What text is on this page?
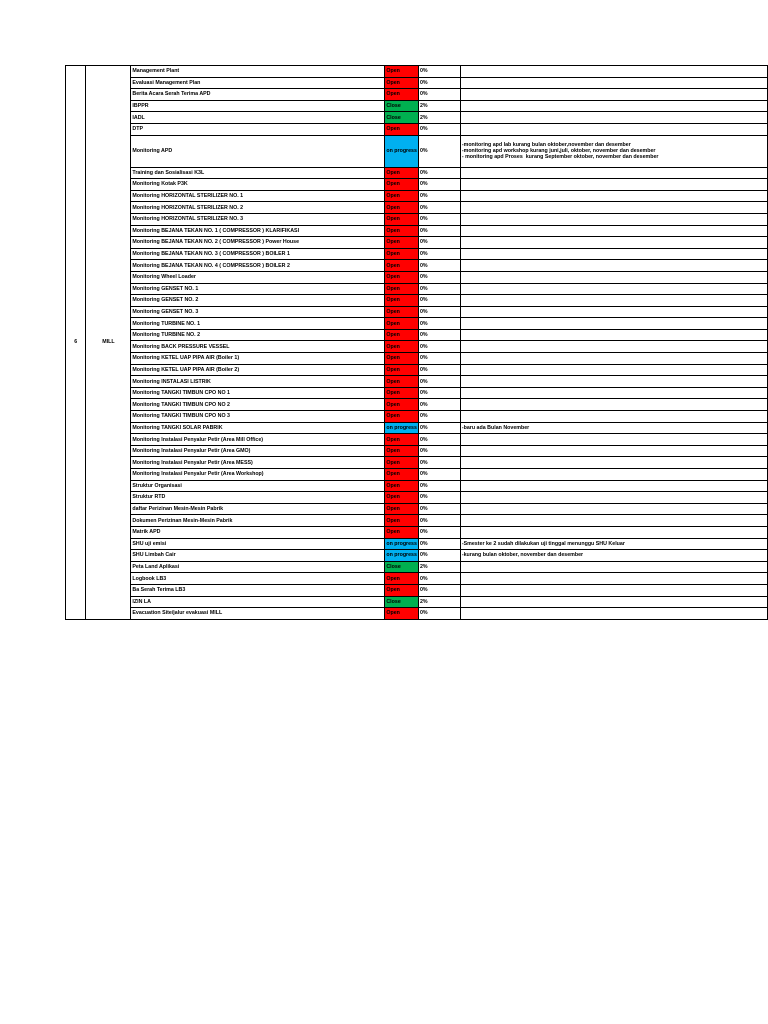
6	MILL	Management Plant	Open	0%	
		Evaluasi Management Plan	Open	0%	
		Berita Acara Serah Terima APD	Open	0%	
		IBPPR	Close	2%	
		IADL	Close	2%	
		DTP	Open	0%	
		Monitoring APD	on progress	0%	-monitoring apd lab kurang bulan oktober,november dan desember
-monitoring apd workshop kurang juni,juli, oktober, november dan desember
- monitoring apd Proses  kurang September oktober, november dan desember
		Training dan Sosialisasi K3L	Open	0%	
		Monitoring Kotak P3K	Open	0%	
		Monitoring HORIZONTAL STERILIZER NO. 1	Open	0%	
		Monitoring HORIZONTAL STERILIZER NO. 2	Open	0%	
		Monitoring HORIZONTAL STERILIZER NO. 3	Open	0%	
		Monitoring BEJANA TEKAN NO. 1 ( COMPRESSOR ) KLARIFIKASI	Open	0%	
		Monitoring BEJANA TEKAN NO. 2 ( COMPRESSOR ) Power House	Open	0%	
		Monitoring BEJANA TEKAN NO. 3 ( COMPRESSOR ) BOILER 1	Open	0%	
		Monitoring BEJANA TEKAN NO. 4 ( COMPRESSOR ) BOILER 2	Open	0%	
		Monitoring Wheel Loader	Open	0%	
		Monitoring GENSET NO. 1	Open	0%	
		Monitoring GENSET NO. 2	Open	0%	
		Monitoring GENSET NO. 3	Open	0%	
		Monitoring TURBINE NO. 1	Open	0%	
		Monitoring TURBINE NO. 2	Open	0%	
		Monitoring BACK PRESSURE VESSEL	Open	0%	
		Monitoring KETEL UAP PIPA AIR (Boiler 1)	Open	0%	
		Monitoring KETEL UAP PIPA AIR (Boiler 2)	Open	0%	
		Monitoring INSTALASI LISTRIK	Open	0%	
		Monitoring TANGKI TIMBUN CPO NO 1	Open	0%	
		Monitoring TANGKI TIMBUN CPO NO 2	Open	0%	
		Monitoring TANGKI TIMBUN CPO NO 3	Open	0%	
		Monitoring TANGKI SOLAR PABRIK	on progress	0%	-baru ada Bulan November
		Monitoring Instalasi Penyalur Petir (Area Mill Office)	Open	0%	
		Monitoring Instalasi Penyalur Petir (Area GMO)	Open	0%	
		Monitoring Instalasi Penyalur Petir (Area MESS)	Open	0%	
		Monitoring Instalasi Penyalur Petir (Area Workshop)	Open	0%	
		Struktur Organisasi	Open	0%	
		Struktur RTD	Open	0%	
		daftar Perizinan Mesin-Mesin Pabrik	Open	0%	
		Dokumen Perizinan Mesin-Mesin Pabrik	Open	0%	
		Matrik APD	Open	0%	
		SHU uji emisi	on progress	0%	-Smester ke 2 sudah dilakukan uji tinggal menunggu SHU Keluar
		SHU Limbah Cair	on progress	0%	-kurang bulan oktober, november dan desember
		Peta Land Aplikasi	Close	2%	
		Logbook LB3	Open	0%	
		Ba Serah Terima LB3	Open	0%	
		IZIN LA	Close	2%	
		Evacuation Site/jalur evakuasi MILL	Open	0%	
